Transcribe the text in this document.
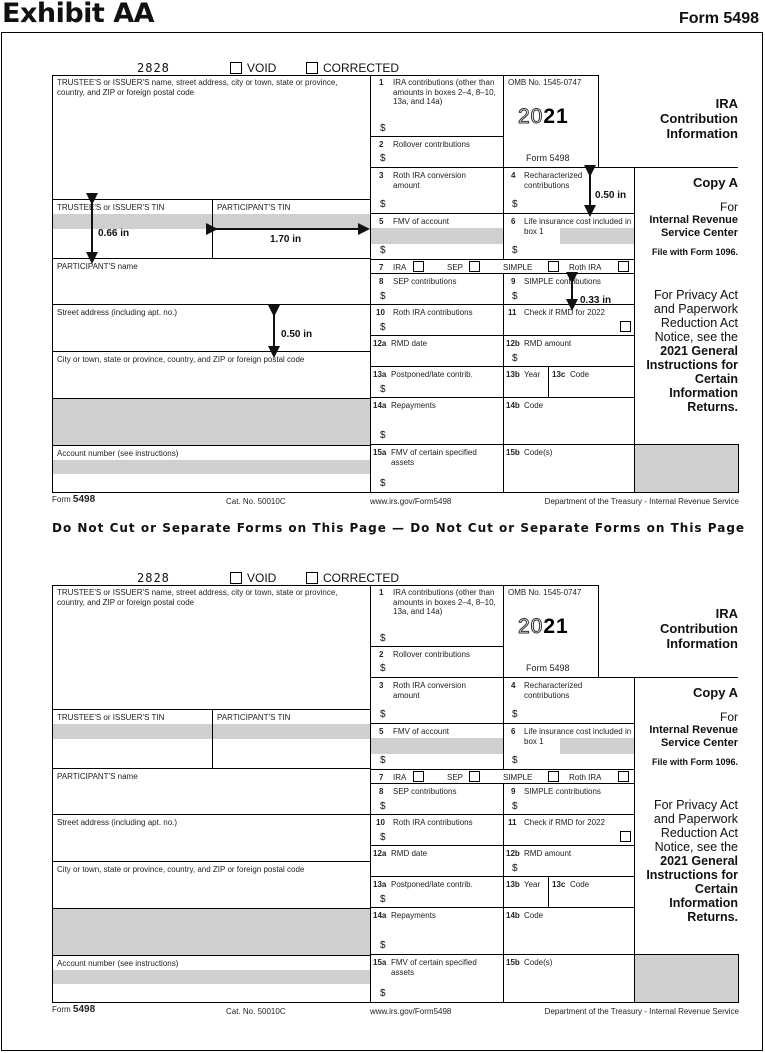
Exhibit AA	Form 5498
2828	VOID	CORRECTED
TRUSTEE'S or ISSUER'S name, street address, city or town, state or province, country, and ZIP or foreign postal code
TRUSTEE'S or ISSUER'S TIN	PARTICIPANT'S TIN
PARTICIPANT'S name
Street address (including apt. no.)
City or town, state or province, country, and ZIP or foreign postal code
Account number (see instructions)
1 IRA contributions (other than amounts in boxes 2–4, 8–10, 13a, and 14a)
$
2 Rollover contributions
$
3 Roth IRA conversion amount
$
OMB No. 1545-0747
2021
Form 5498
4 Recharacterized contributions
$
5 FMV of account
$
6 Life insurance cost included in box 1
$
7 IRA	SEP	SIMPLE	Roth IRA
8 SEP contributions
$
9 SIMPLE contributions
$
10 Roth IRA contributions
$
11 Check if RMD for 2022
12a RMD date	12b RMD amount
$
13a Postponed/late contrib.
$
13b Year 13c Code
14a Repayments
$
14b Code
15a FMV of certain specified assets
$
15b Code(s)
IRA
Contribution
Information
Copy A
For
Internal Revenue
Service Center
File with Form 1096.
For Privacy Act
and Paperwork
Reduction Act
Notice, see the
2021 General
Instructions for
Certain
Information
Returns.
Form 5498	Cat. No. 50010C	www.irs.gov/Form5498	Department of the Treasury - Internal Revenue Service
Do Not Cut or Separate Forms on This Page — Do Not Cut or Separate Forms on This Page
2828	VOID	CORRECTED
TRUSTEE'S or ISSUER'S name, street address, city or town, state or province, country, and ZIP or foreign postal code
TRUSTEE'S or ISSUER'S TIN	PARTICIPANT'S TIN
PARTICIPANT'S name
Street address (including apt. no.)
City or town, state or province, country, and ZIP or foreign postal code
Account number (see instructions)
1 IRA contributions (other than amounts in boxes 2–4, 8–10, 13a, and 14a)
$
2 Rollover contributions
$
3 Roth IRA conversion amount
$
OMB No. 1545-0747
2021
Form 5498
4 Recharacterized contributions
$
5 FMV of account
$
6 Life insurance cost included in box 1
$
7 IRA	SEP	SIMPLE	Roth IRA
8 SEP contributions
$
9 SIMPLE contributions
$
10 Roth IRA contributions
$
11 Check if RMD for 2022
12a RMD date	12b RMD amount
$
13a Postponed/late contrib.
$
13b Year 13c Code
14a Repayments
$
14b Code
15a FMV of certain specified assets
$
15b Code(s)
IRA
Contribution
Information
Copy A
For
Internal Revenue
Service Center
File with Form 1096.
For Privacy Act
and Paperwork
Reduction Act
Notice, see the
2021 General
Instructions for
Certain
Information
Returns.
Form 5498	Cat. No. 50010C	www.irs.gov/Form5498	Department of the Treasury - Internal Revenue Service
0.50 in
0.66 in
1.70 in
0.33 in
0.50 in
